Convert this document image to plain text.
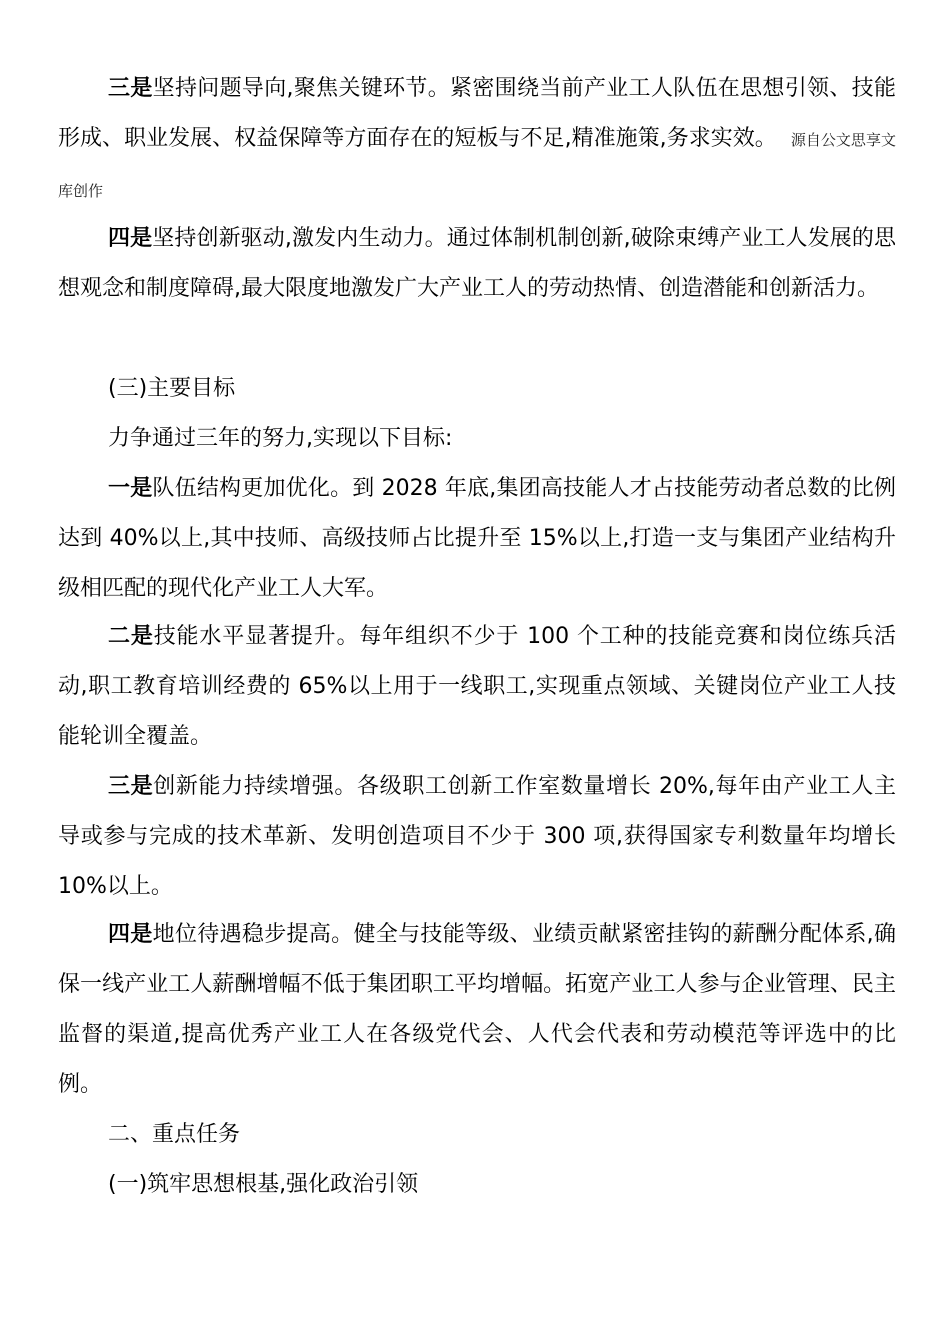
三是坚持问题导向,聚焦关键环节。紧密围绕当前产业工人队伍在思想引领、技能形成、职业发展、权益保障等方面存在的短板与不足,精准施策,务求实效。 源自公文思享文库创作

四是坚持创新驱动,激发内生动力。通过体制机制创新,破除束缚产业工人发展的思想观念和制度障碍,最大限度地激发广大产业工人的劳动热情、创造潜能和创新活力。

(三)主要目标

力争通过三年的努力,实现以下目标:

一是队伍结构更加优化。到 2028 年底,集团高技能人才占技能劳动者总数的比例达到 40%以上,其中技师、高级技师占比提升至 15%以上,打造一支与集团产业结构升级相匹配的现代化产业工人大军。

二是技能水平显著提升。每年组织不少于 100 个工种的技能竞赛和岗位练兵活动,职工教育培训经费的 65%以上用于一线职工,实现重点领域、关键岗位产业工人技能轮训全覆盖。

三是创新能力持续增强。各级职工创新工作室数量增长 20%,每年由产业工人主导或参与完成的技术革新、发明创造项目不少于 300 项,获得国家专利数量年均增长 10%以上。

四是地位待遇稳步提高。健全与技能等级、业绩贡献紧密挂钩的薪酬分配体系,确保一线产业工人薪酬增幅不低于集团职工平均增幅。拓宽产业工人参与企业管理、民主监督的渠道,提高优秀产业工人在各级党代会、人代会代表和劳动模范等评选中的比例。

二、重点任务

(一)筑牢思想根基,强化政治引领
